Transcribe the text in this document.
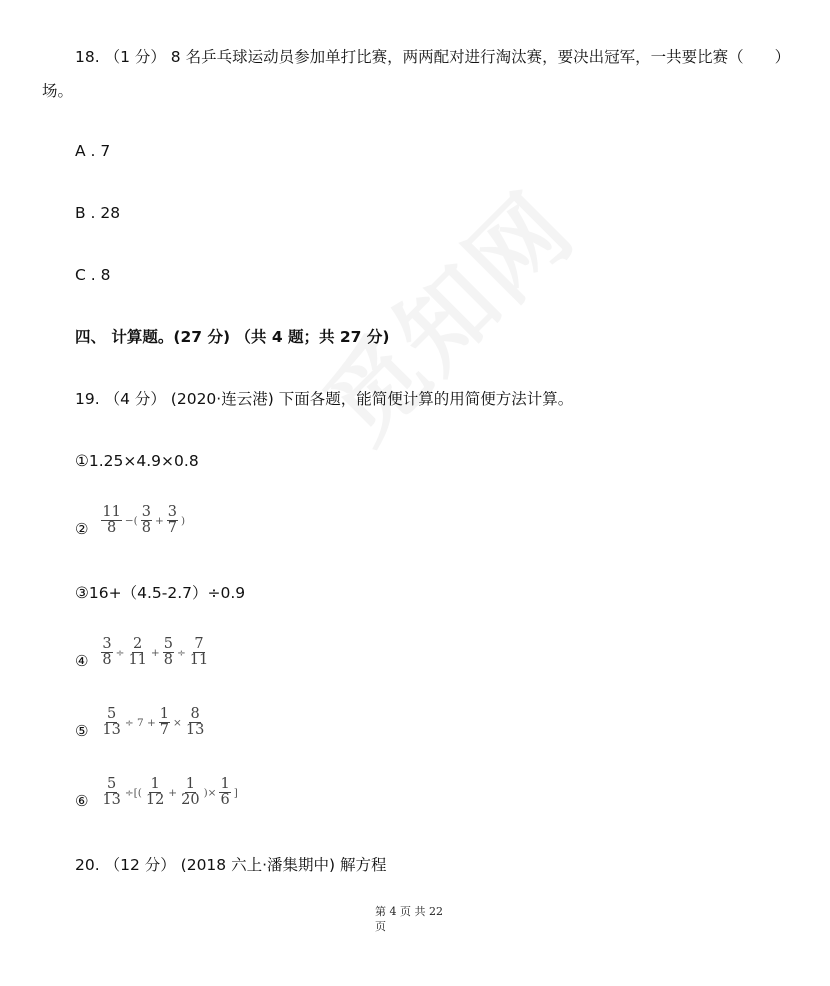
18. （1 分） 8 名乒乓球运动员参加单打比赛，两两配对进行淘汰赛，要决出冠军，一共要比赛（　　）
场。
A . 7
B . 28
C . 8
四、 计算题。(27 分) （共 4 题；共 27 分)
19. （4 分） (2020·连云港) 下面各题，能简便计算的用简便方法计算。
①1.25×4.9×0.8
② $\frac{11}{8}$ −( $\frac{3}{8} + \frac{3}{7}$ )
③16+（4.5-2.7）÷0.9
④ $\frac{3}{8} \div \frac{2}{11} + \frac{5}{8} \div \frac{7}{11}$
⑤ $\frac{5}{13} \div 7 + \frac{1}{7} \times \frac{8}{13}$
⑥ $\frac{5}{13}$ ÷[( $\frac{1}{12} + \frac{1}{20}$ )× $\frac{1}{6}$ ]
20. （12 分） (2018 六上·潘集期中) 解方程
第 4 页 共 22
页
